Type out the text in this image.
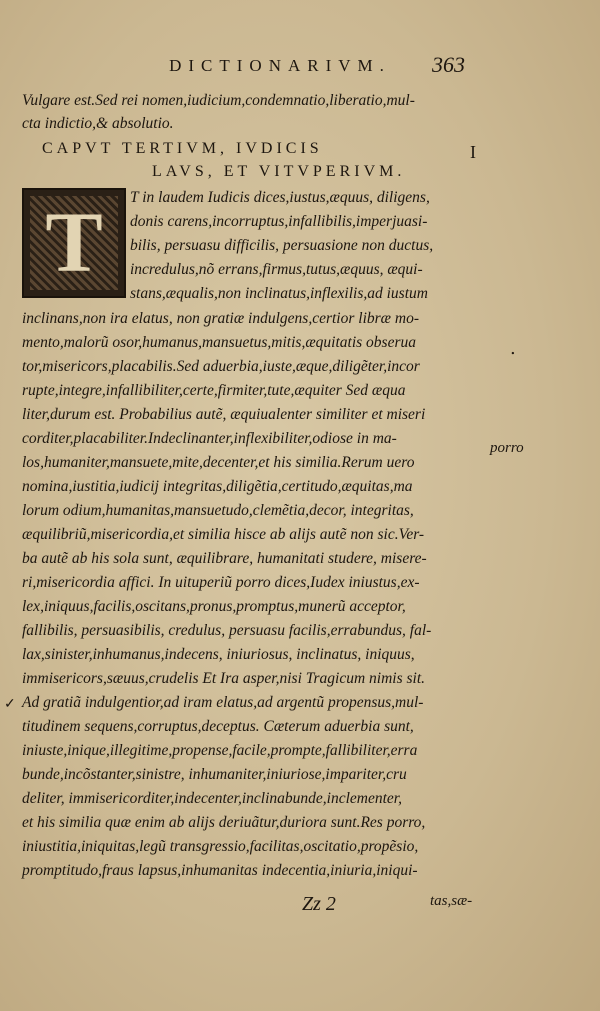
DICTIONARIVM.	363
Vulgare est.Sed rei nomen,iudicium,condemnatio,liberatio,mul-
cta indictio,& absolutio.
CAPVT TERTIVM, IVDICIS	I
LAVS, ET VITVPERIVM.
T	T in laudem Iudicis dices,iustus,æquus, diligens,
donis carens,incorruptus,infallibilis,imperjuasi-
bilis, persuasu difficilis, persuasione non ductus,
incredulus,nõ errans,firmus,tutus,æquus, æqui-
stans,æqualis,non inclinatus,inflexilis,ad iustum
inclinans,non ira elatus, non gratiæ indulgens,certior libræ mo-
mento,malorũ osor,humanus,mansuetus,mitis,æquitatis obserua
tor,misericors,placabilis.Sed aduerbia,iuste,æque,diligẽter,incor
rupte,integre,infallibiliter,certe,firmiter,tute,æquiter Sed æqua
liter,durum est. Probabilius autẽ, æquiualenter similiter et miseri
corditer,placabiliter.Indeclinanter,inflexibiliter,odiose in ma-
los,humaniter,mansuete,mite,decenter,et his similia.Rerum uero
nomina,iustitia,iudicij integritas,diligẽtia,certitudo,æquitas,ma
lorum odium,humanitas,mansuetudo,clemẽtia,decor, integritas,
æquilibriũ,misericordia,et similia hisce ab alijs autẽ non sic.Ver-
ba autẽ ab his sola sunt, æquilibrare, humanitati studere, misere-
ri,misericordia affici. In uituperiũ porro dices,Iudex iniustus,ex-
lex,iniquus,facilis,oscitans,pronus,promptus,munerũ acceptor,
fallibilis, persuasibilis, credulus, persuasu facilis,errabundus, fal-
lax,sinister,inhumanus,indecens, iniuriosus, inclinatus, iniquus,
immisericors,sæuus,crudelis Et Ira asper,nisi Tragicum nimis sit.
Ad gratiã indulgentior,ad iram elatus,ad argentũ propensus,mul-
titudinem sequens,corruptus,deceptus. Cæterum aduerbia sunt,
iniuste,inique,illegitime,propense,facile,prompte,fallibiliter,erra
bunde,incõstanter,sinistre, inhumaniter,iniuriose,impariter,cru
deliter, immisericorditer,indecenter,inclinabunde,inclementer,
et his similia quæ enim ab alijs deriuãtur,duriora sunt.Res porro,
iniustitia,iniquitas,legũ transgressio,facilitas,oscitatio,propẽsio,
promptitudo,fraus lapsus,inhumanitas indecentia,iniuria,iniqui-
porro
.
✓
Zz 2	tas,sæ-
